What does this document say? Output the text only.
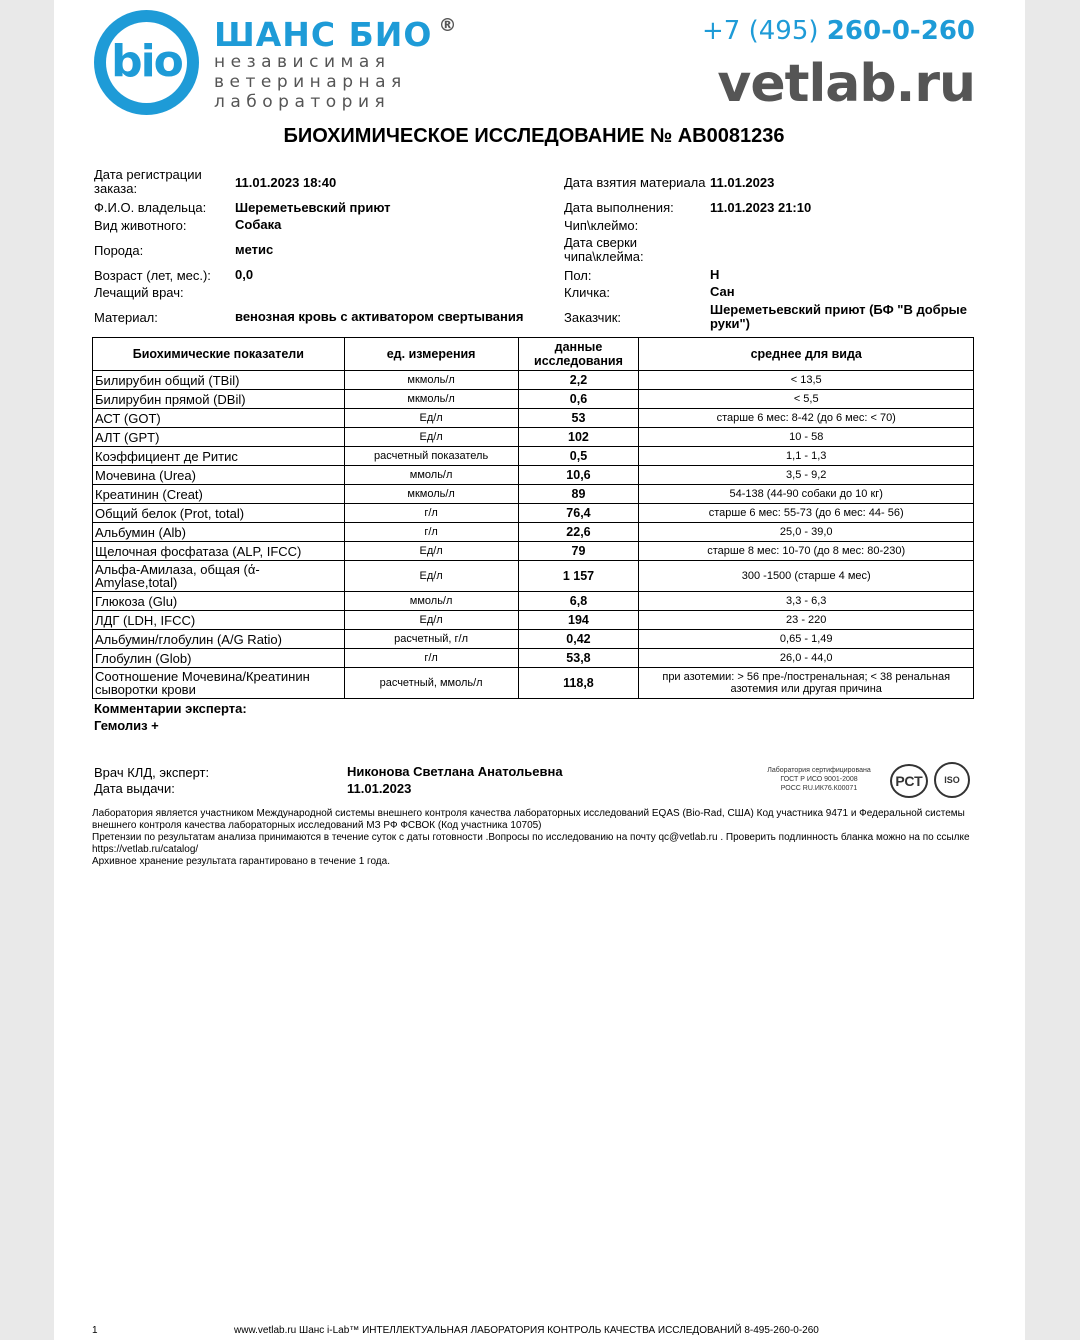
bio
ШАНС БИО ®
независимая
ветеринарная
лаборатория
+7 (495) 260-0-260
vetlab.ru
БИОХИМИЧЕСКОЕ ИССЛЕДОВАНИЕ № АВ0081236
Дата регистрации заказа:	11.01.2023 18:40
Ф.И.О. владельца: Шереметьевский приют
Вид животного:	Собака
Порода:	метис
Возраст (лет, мес.): 0,0
Лечащий врач:
Материал:	венозная кровь с активатором свертывания
Дата взятия материала 11.01.2023
Дата выполнения:	11.01.2023 21:10
Чип\клеймо:
Дата сверки чипа\клейма:
Пол:	Н
Кличка:	Сан
Заказчик:
Шереметьевский приют (БФ "В добрые руки")
Биохимические показатели	ед. измерения	данные исследования	среднее для вида
Билирубин общий (TBil)	мкмоль/л	2,2	< 13,5
Билирубин прямой (DBil)	мкмоль/л	0,6	< 5,5
АСТ (GOT)	Ед/л	53	старше 6 мес: 8-42 (до 6 мес: < 70)
АЛТ (GPT)	Ед/л	102	10 - 58
Коэффициент де Ритис	расчетный показатель	0,5	1,1 - 1,3
Мочевина (Urea)	ммоль/л	10,6	3,5 - 9,2
Креатинин (Creat)	мкмоль/л	89	54-138 (44-90 собаки до 10 кг)
Общий белок (Prot, total)	г/л	76,4	старше 6 мес: 55-73 (до 6 мес: 44- 56)
Альбумин (Alb)	г/л	22,6	25,0 - 39,0
Щелочная фосфатаза (ALP, IFCC)	Ед/л	79	старше 8 мес: 10-70 (до 8 мес: 80-230)
Альфа-Амилаза, общая (ά-Amylase,total)	Ед/л	1 157	300 -1500 (старше 4 мес)
Глюкоза (Glu)	ммоль/л	6,8	3,3 - 6,3
ЛДГ (LDH, IFCC)	Ед/л	194	23 - 220
Альбумин/глобулин (A/G Ratio)	расчетный, г/л	0,42	0,65 - 1,49
Глобулин (Glob)	г/л	53,8	26,0 - 44,0
Соотношение Мочевина/Креатинин сыворотки крови	расчетный, ммоль/л	118,8	при азотемии: > 56 пре-/постренальная; < 38 ренальная азотемия или другая причина
Комментарии эксперта:
Гемолиз +
Врач КЛД, эксперт:	Никонова Светлана Анатольевна
Дата выдачи:	11.01.2023
Лаборатория сертифицирована
ГОСТ Р ИСО 9001-2008
РОСС RU.ИК76.К00071	РСТ	ISO
Лаборатория является участником Международной системы внешнего контроля качества лабораторных исследований EQAS (Bio-Rad, США) Код участника 9471 и Федеральной системы внешнего контроля качества лабораторных исследований МЗ РФ ФСВОК (Код участника 10705)
Претензии по результатам анализа принимаются в течение суток с даты готовности .Вопросы по исследованию на почту qc@vetlab.ru . Проверить подлинность бланка можно на по ссылке https://vetlab.ru/catalog/
Архивное хранение результата гарантировано в течение 1 года.
1	www.vetlab.ru Шанс i-Lab™ ИНТЕЛЛЕКТУАЛЬНАЯ ЛАБОРАТОРИЯ КОНТРОЛЬ КАЧЕСТВА ИССЛЕДОВАНИЙ 8-495-260-0-260
